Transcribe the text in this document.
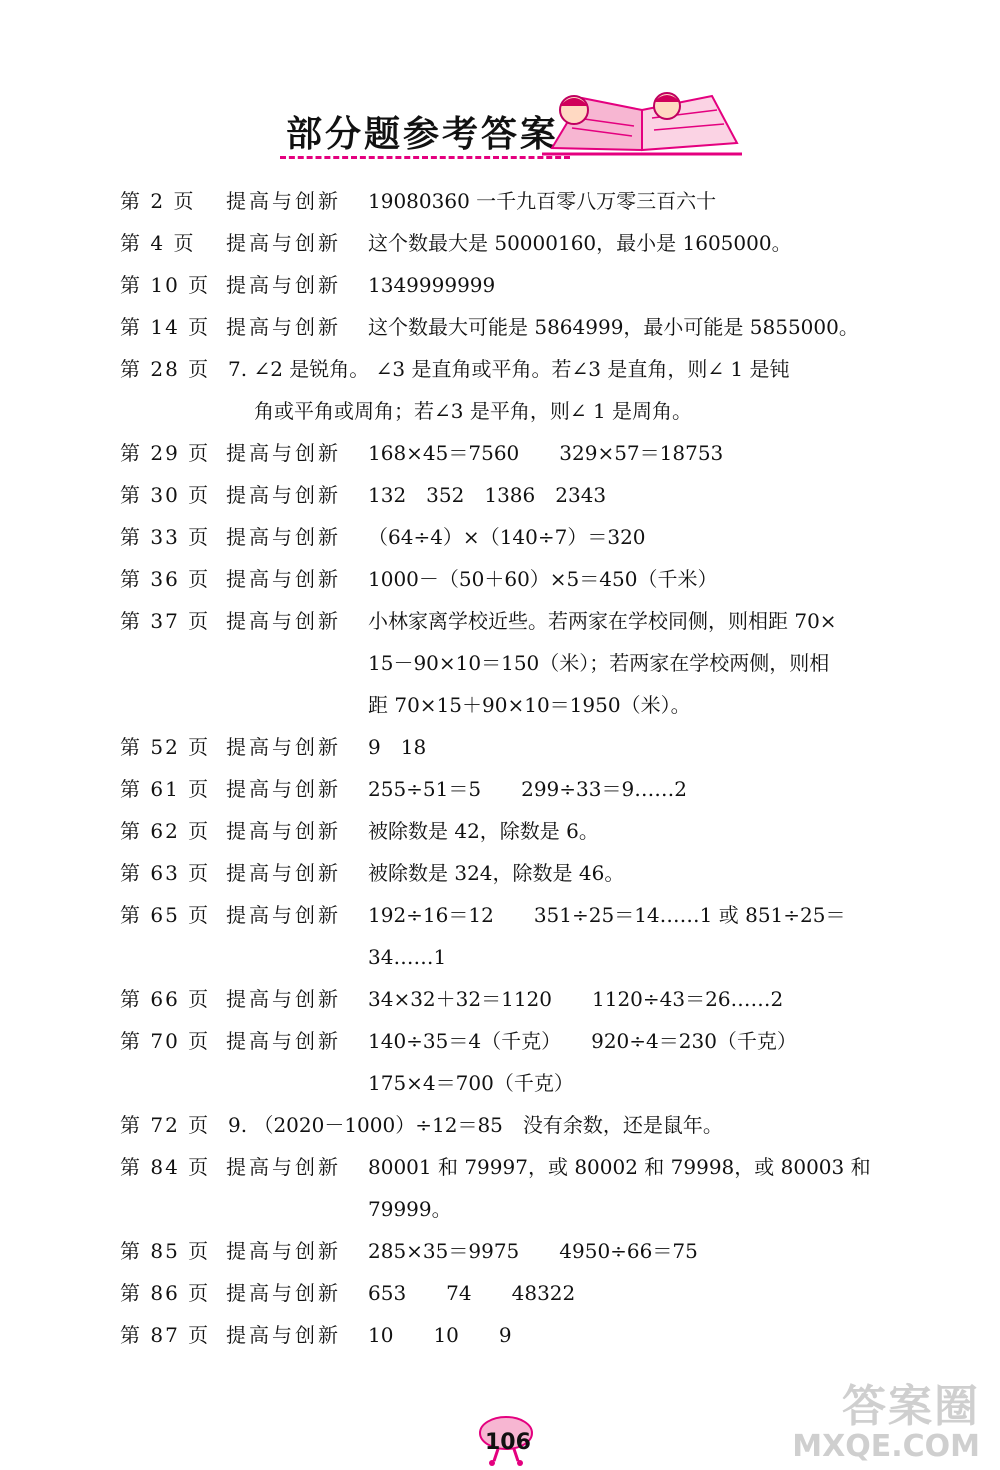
部分题参考答案
第 2 页 提高与创新 19080360 一千九百零八万零三百六十
第 4 页 提高与创新 这个数最大是 50000160，最小是 1605000。
第 10 页 提高与创新 1349999999
第 14 页 提高与创新 这个数最大可能是 5864999，最小可能是 5855000。
第 28 页 7. ∠2 是锐角。 ∠3 是直角或平角。若∠3 是直角，则∠ 1 是钝
角或平角或周角；若∠3 是平角，则∠ 1 是周角。
第 29 页 提高与创新 168×45＝7560　　329×57＝18753
第 30 页 提高与创新 132　352　1386　2343
第 33 页 提高与创新 （64÷4）×（140÷7）＝320
第 36 页 提高与创新 1000－（50＋60）×5＝450（千米）
第 37 页 提高与创新 小林家离学校近些。若两家在学校同侧，则相距 70×
15－90×10＝150（米）；若两家在学校两侧，则相
距 70×15＋90×10＝1950（米）。
第 52 页 提高与创新 9　18
第 61 页 提高与创新 255÷51＝5　　299÷33＝9……2
第 62 页 提高与创新 被除数是 42，除数是 6。
第 63 页 提高与创新 被除数是 324，除数是 46。
第 65 页 提高与创新 192÷16＝12　　351÷25＝14……1 或 851÷25＝
34……1
第 66 页 提高与创新 34×32＋32＝1120　　1120÷43＝26……2
第 70 页 提高与创新 140÷35＝4（千克）　　920÷4＝230（千克）
175×4＝700（千克）
第 72 页 9. （2020－1000）÷12＝85　没有余数，还是鼠年。
第 84 页 提高与创新 80001 和 79997，或 80002 和 79998，或 80003 和
79999。
第 85 页 提高与创新 285×35＝9975　　4950÷66＝75
第 86 页 提高与创新 653　　74　　48322
第 87 页 提高与创新 10　　10　　9
106
答案圈
MXQE.COM
